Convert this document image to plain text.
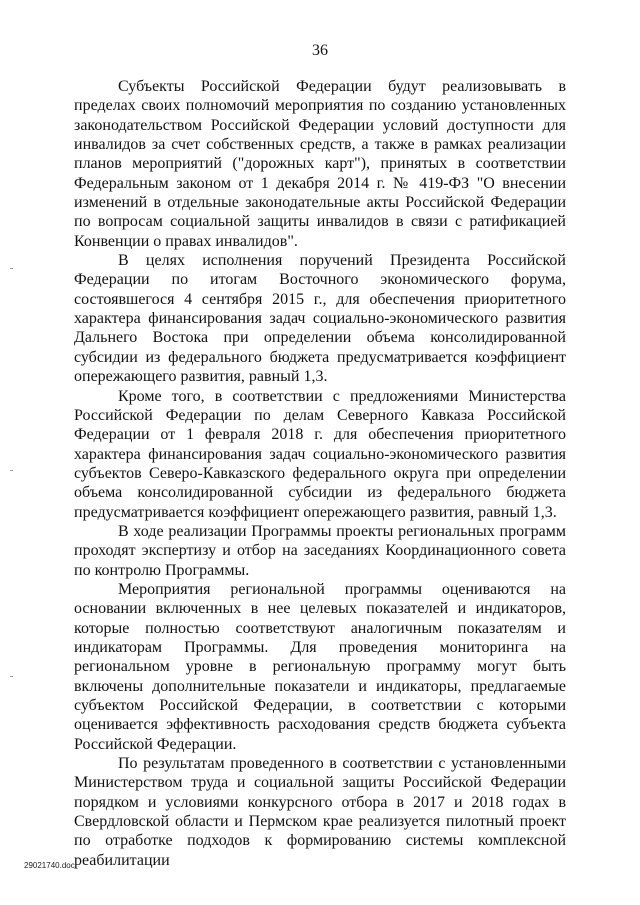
36

Субъекты Российской Федерации будут реализовывать в пределах своих полномочий мероприятия по созданию установленных законодательством Российской Федерации условий доступности для инвалидов за счет собственных средств, а также в рамках реализации планов мероприятий ("дорожных карт"), принятых в соответствии Федеральным законом от 1 декабря 2014 г. № 419-ФЗ "О внесении изменений в отдельные законодательные акты Российской Федерации по вопросам социальной защиты инвалидов в связи с ратификацией Конвенции о правах инвалидов".

В целях исполнения поручений Президента Российской Федерации по итогам Восточного экономического форума, состоявшегося 4 сентября 2015 г., для обеспечения приоритетного характера финансирования задач социально-экономического развития Дальнего Востока при определении объема консолидированной субсидии из федерального бюджета предусматривается коэффициент опережающего развития, равный 1,3.

Кроме того, в соответствии с предложениями Министерства Российской Федерации по делам Северного Кавказа Российской Федерации от 1 февраля 2018 г. для обеспечения приоритетного характера финансирования задач социально-экономического развития субъектов Северо-Кавказского федерального округа при определении объема консолидированной субсидии из федерального бюджета предусматривается коэффициент опережающего развития, равный 1,3.

В ходе реализации Программы проекты региональных программ проходят экспертизу и отбор на заседаниях Координационного совета по контролю Программы.

Мероприятия региональной программы оцениваются на основании включенных в нее целевых показателей и индикаторов, которые полностью соответствуют аналогичным показателям и индикаторам Программы. Для проведения мониторинга на региональном уровне в региональную программу могут быть включены дополнительные показатели и индикаторы, предлагаемые субъектом Российской Федерации, в соответствии с которыми оценивается эффективность расходования средств бюджета субъекта Российской Федерации.

По результатам проведенного в соответствии с установленными Министерством труда и социальной защиты Российской Федерации порядком и условиями конкурсного отбора в 2017 и 2018 годах в Свердловской области и Пермском крае реализуется пилотный проект по отработке подходов к формированию системы комплексной реабилитации

29021740.doc
